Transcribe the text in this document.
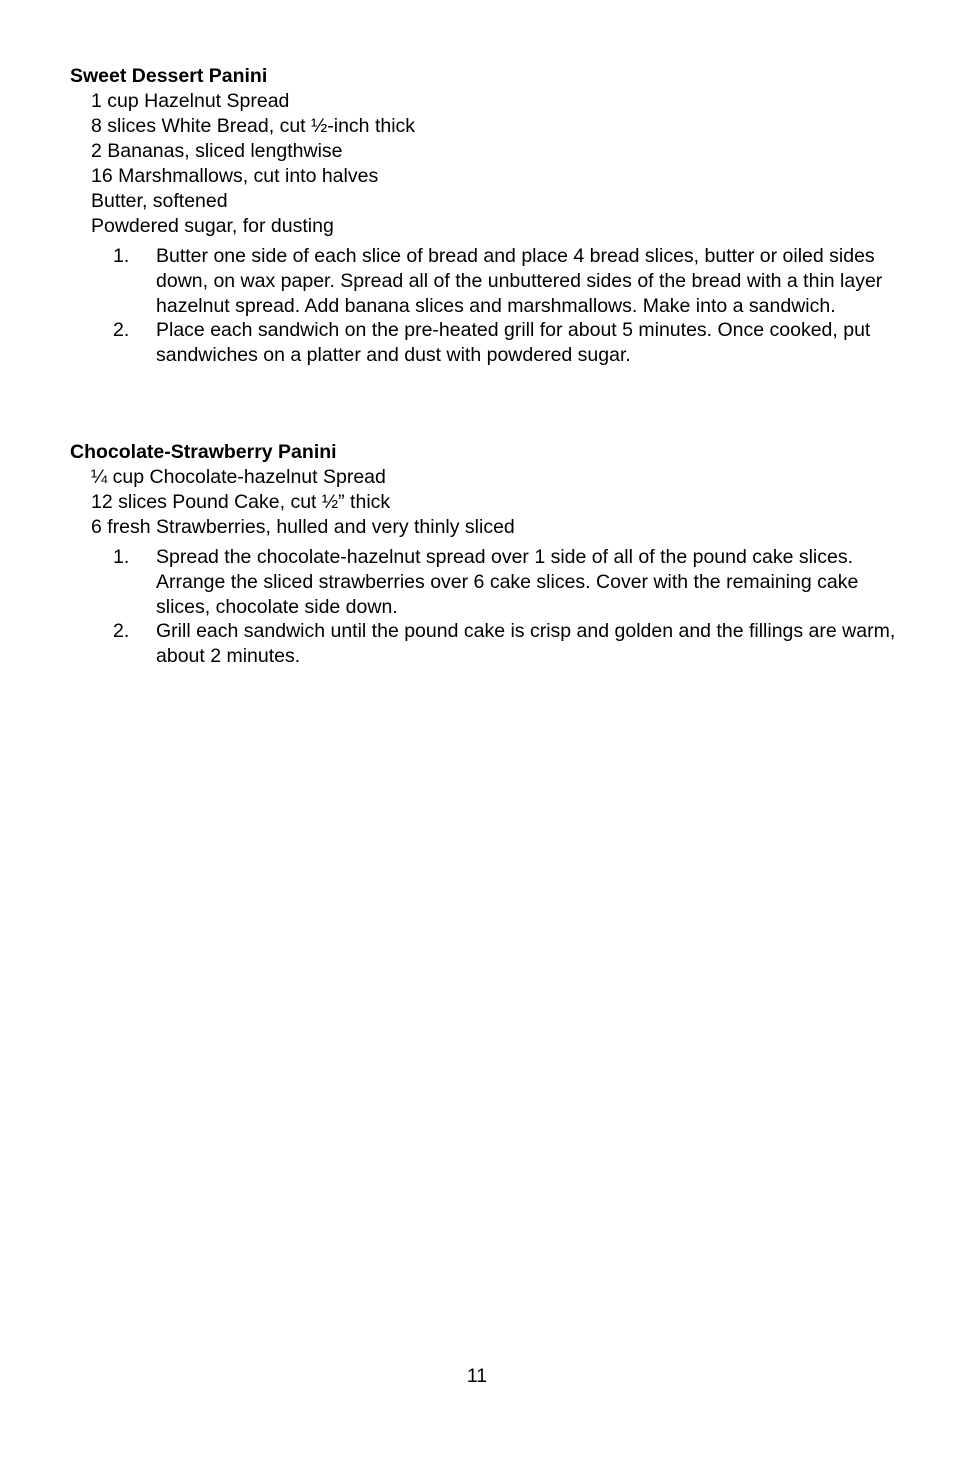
Sweet Dessert Panini
1 cup Hazelnut Spread
8 slices White Bread, cut ½-inch thick
2 Bananas, sliced lengthwise
16 Marshmallows, cut into halves
Butter, softened
Powdered sugar, for dusting
1. Butter one side of each slice of bread and place 4 bread slices, butter or oiled sides down, on wax paper. Spread all of the unbuttered sides of the bread with a thin layer hazelnut spread. Add banana slices and marshmallows. Make into a sandwich.
2. Place each sandwich on the pre-heated grill for about 5 minutes. Once cooked, put sandwiches on a platter and dust with powdered sugar.
Chocolate-Strawberry Panini
¼ cup Chocolate-hazelnut Spread
12 slices Pound Cake, cut ½” thick
6 fresh Strawberries, hulled and very thinly sliced
1. Spread the chocolate-hazelnut spread over 1 side of all of the pound cake slices. Arrange the sliced strawberries over 6 cake slices. Cover with the remaining cake slices, chocolate side down.
2. Grill each sandwich until the pound cake is crisp and golden and the fillings are warm, about 2 minutes.
11
